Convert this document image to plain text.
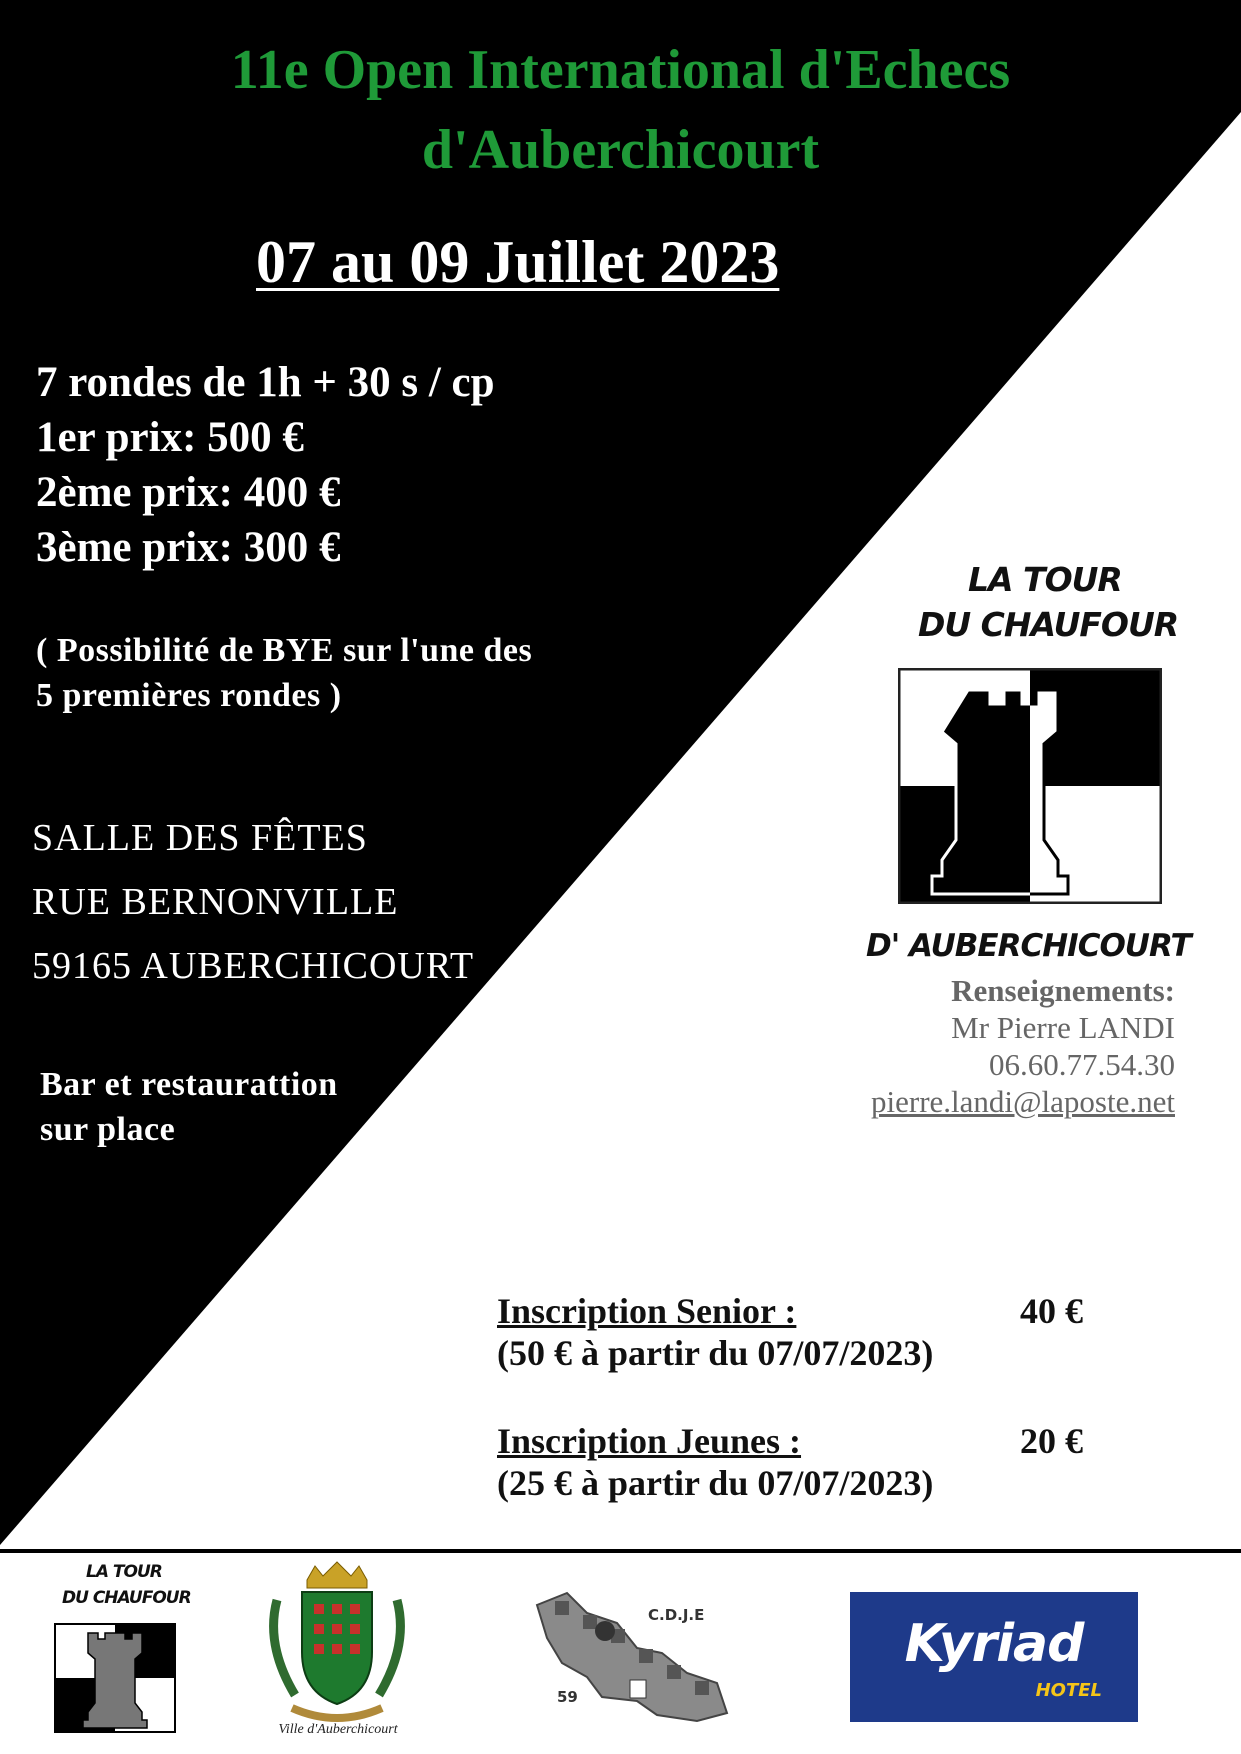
11e Open International d'Echecs
d'Auberchicourt
07 au 09 Juillet 2023
7 rondes de 1h + 30 s / cp
1er prix: 500 €
2ème prix: 400 €
3ème prix: 300 €
( Possibilité de BYE sur l'une des
5 premières rondes )
SALLE DES FÊTES
RUE BERNONVILLE
59165 AUBERCHICOURT
Bar et restaurattion
sur place
LA TOUR
DU CHAUFOUR
D' AUBERCHICOURT
Renseignements:
Mr Pierre LANDI
06.60.77.54.30
pierre.landi@laposte.net
Inscription Senior :	40 €
(50 € à partir du 07/07/2023)
Inscription Jeunes :	20 €
(25 € à partir du 07/07/2023)
LA TOUR
DU CHAUFOUR
Ville d'Auberchicourt
C.D.J.E
59
Kyriad
HOTEL
